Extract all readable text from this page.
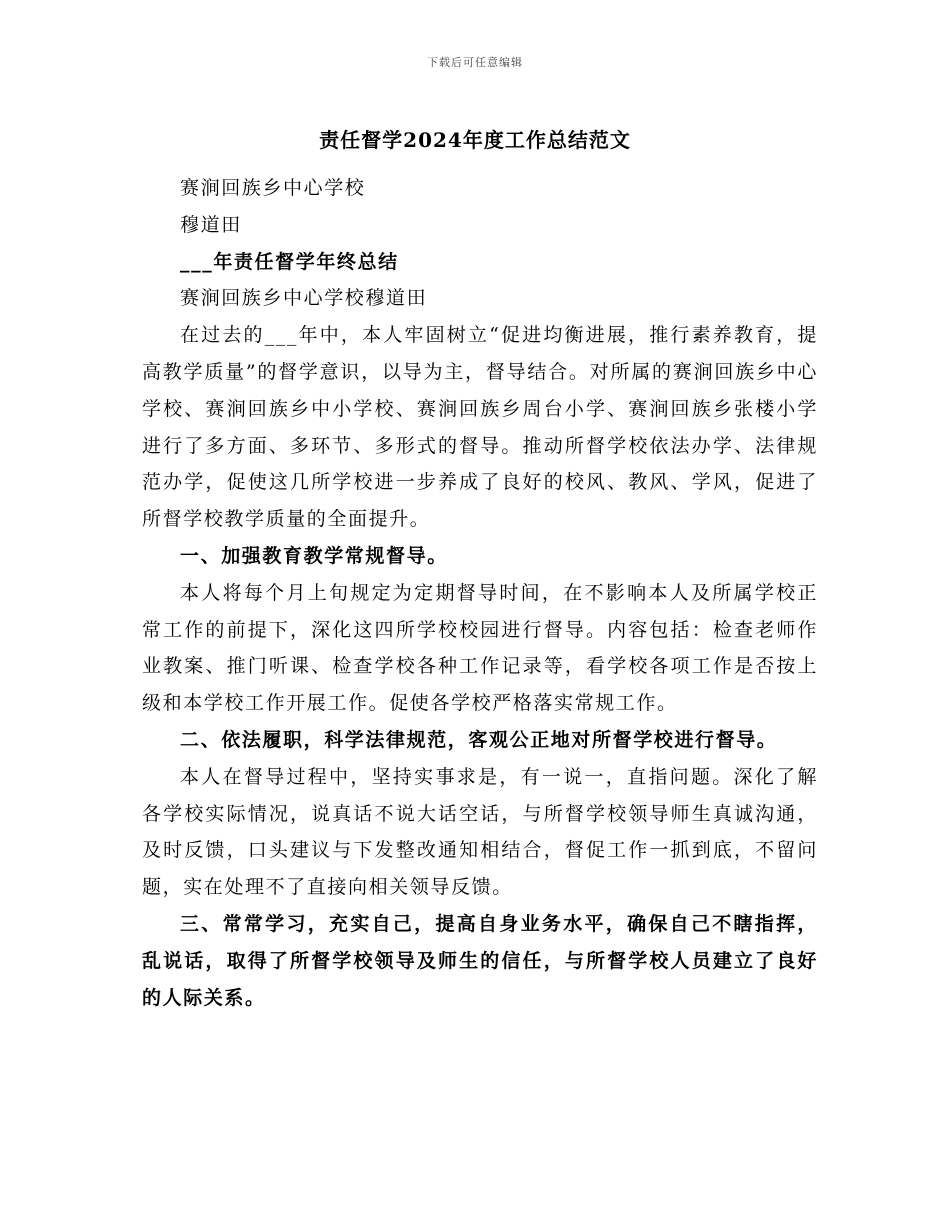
下载后可任意编辑
责任督学2024年度工作总结范文

赛涧回族乡中心学校

穆道田

___年责任督学年终总结

赛涧回族乡中心学校穆道田

在过去的___年中，本人牢固树立“促进均衡进展，推行素养教育，提高教学质量”的督学意识，以导为主，督导结合。对所属的赛涧回族乡中心学校、赛涧回族乡中小学校、赛涧回族乡周台小学、赛涧回族乡张楼小学进行了多方面、多环节、多形式的督导。推动所督学校依法办学、法律规范办学，促使这几所学校进一步养成了良好的校风、教风、学风，促进了所督学校教学质量的全面提升。

一、加强教育教学常规督导。

本人将每个月上旬规定为定期督导时间，在不影响本人及所属学校正常工作的前提下，深化这四所学校校园进行督导。内容包括：检查老师作业教案、推门听课、检查学校各种工作记录等，看学校各项工作是否按上级和本学校工作开展工作。促使各学校严格落实常规工作。

二、依法履职，科学法律规范，客观公正地对所督学校进行督导。

本人在督导过程中，坚持实事求是，有一说一，直指问题。深化了解各学校实际情况，说真话不说大话空话，与所督学校领导师生真诚沟通，及时反馈，口头建议与下发整改通知相结合，督促工作一抓到底，不留问题，实在处理不了直接向相关领导反馈。

三、常常学习，充实自己，提高自身业务水平，确保自己不瞎指挥，乱说话，取得了所督学校领导及师生的信任，与所督学校人员建立了良好的人际关系。
